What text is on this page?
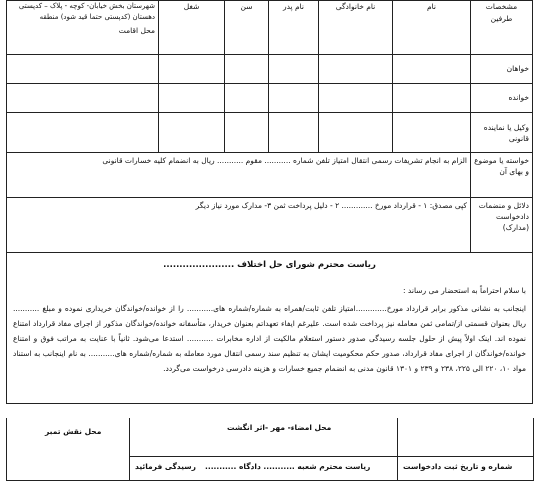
مشخصات طرفین	نام	نام خانوادگی	نام پدر	سن	شغل	شهرستان بخش خیابان- کوچه - پلاک – کدپستی دهستان (کدپستی حتما قید شود) منطقه
محل اقامت

خواهان						
خوانده						
وکیل یا نماینده قانونی						
خواسته یا موضوع و بهای آن	الزام به انجام تشریفات رسمی انتقال امتیاز تلفن شماره ........... مقوم ........... ریال به انضمام کلیه خسارات قانونی					
دلائل و منضمات دادخواست (مدارک)	کپی مصدق: ۱ - قرارداد مورخ ............. ۲ - دلیل پرداخت ثمن ۳- مدارک مورد نیاز دیگر					

ریاست محترم شورای حل اختلاف ......................
با سلام احتراماً به استحضار می رساند :
اینجانب به نشانی مذکور برابر قرارداد مورخ.............امتیاز تلفن ثابت/همراه به شماره/شماره های........... را از خوانده/خواندگان خریداری نموده و مبلغ ........... ریال بعنوان قسمتی از/تمامی ثمن معامله نیز پرداخت شده است. علیرغم ایفاء تعهداتم بعنوان خریدار، متأسفانه خوانده/خواندگان مذکور از اجرای مفاد قرارداد امتناع نموده اند. اینک اولاً پیش از حلول جلسه رسیدگی صدور دستور استعلام مالکیت از اداره مخابرات ........... استدعا می‌شود. ثانیاً با عنایت به مراتب فوق و امتناع خوانده/خواندگان از اجرای مفاد قرارداد، صدور حکم محکومیت ایشان به تنظیم سند رسمی انتقال مورد معامله به شماره/شماره های........... به نام اینجانب به استناد مواد ۱۰، ۲۲۰ الی ۲۲۵، ۲۳۸ و ۲۳۹ و ۱۳۰۱ قانون مدنی به انضمام جمیع خسارات و هزینه دادرسی درخواست می‌گردد.						
محل امضاء- مهر -اثر انگشت
محل نقش تمبر
شماره و تاریخ ثبت دادخواست
ریاست محترم شعبه ........... دادگاه ...........
رسیدگی فرمائید
